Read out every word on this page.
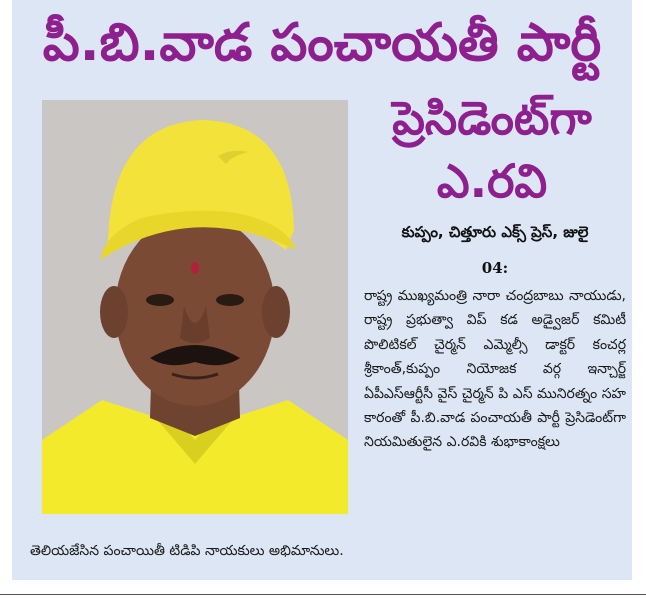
పీ.బి.వాడ పంచాయతీ పార్టీ
ప్రెసిడెంట్‌గా
ఎ.రవి
కుప్పం, చిత్తూరు ఎక్స్ ప్రెస్, జులై
04:
రాష్ట్ర ముఖ్యమంత్రి నారా చంద్రబాబు నాయుడు, రాష్ట్ర ప్రభుత్వా విప్ కడ అడ్వైజర్ కమిటీ పొలిటికల్ చైర్మన్ ఎమ్మెల్సీ డాక్టర్ కంచర్ల శ్రీకాంత్,కుప్పం నియోజక వర్గ ఇన్చార్జ్ ఏపీఎస్ఆర్టీసీ వైస్ చైర్మన్ పి ఎస్ మునిరత్నం సహ కారంతో పీ.బి.వాడ పంచాయతీ పార్టీ ప్రెసిడెంట్‌గా నియమితులైన ఎ.రవికి శుభాకాంక్షలు
తెలియజేసిన పంచాయితీ టిడిపి నాయకులు అభిమానులు.
